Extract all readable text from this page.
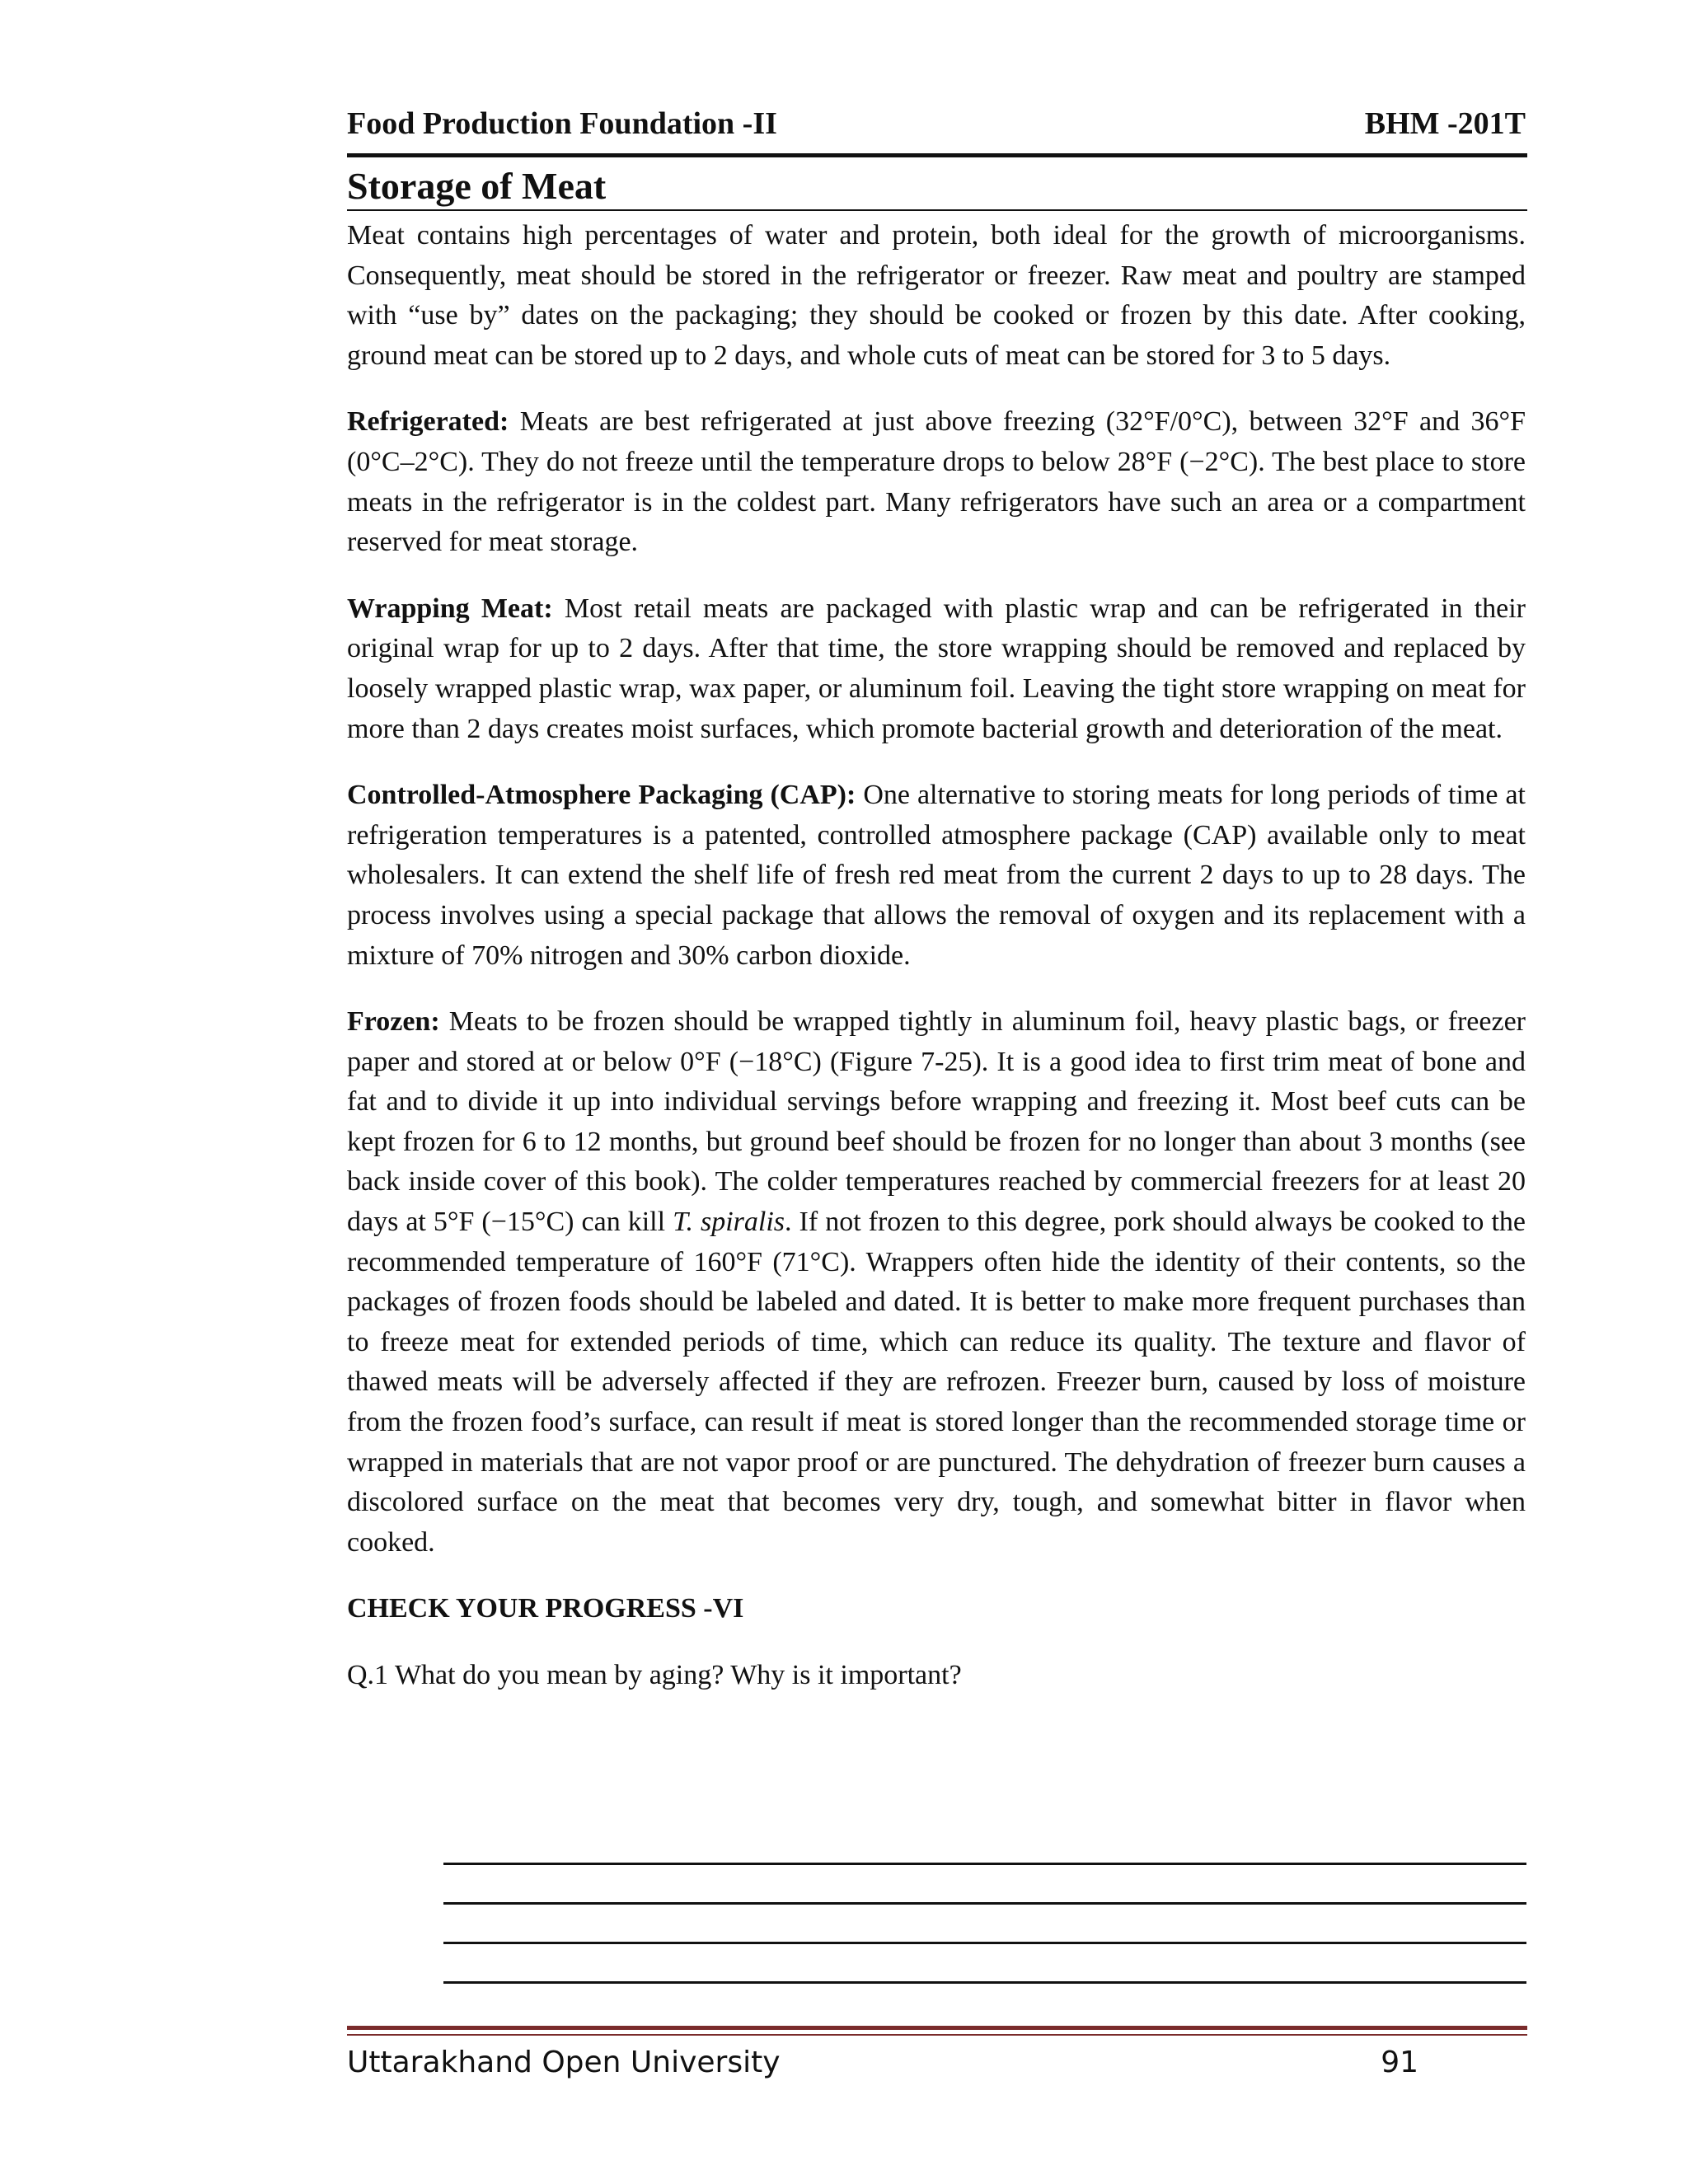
Food Production Foundation -II	BHM -201T
Storage of Meat

Meat contains high percentages of water and protein, both ideal for the growth of microorganisms. Consequently, meat should be stored in the refrigerator or freezer. Raw meat and poultry are stamped with “use by” dates on the packaging; they should be cooked or frozen by this date. After cooking, ground meat can be stored up to 2 days, and whole cuts of meat can be stored for 3 to 5 days.

Refrigerated: Meats are best refrigerated at just above freezing (32°F/0°C), between 32°F and 36°F (0°C–2°C). They do not freeze until the temperature drops to below 28°F (−2°C). The best place to store meats in the refrigerator is in the coldest part. Many refrigerators have such an area or a compartment reserved for meat storage.

Wrapping Meat: Most retail meats are packaged with plastic wrap and can be refrigerated in their original wrap for up to 2 days. After that time, the store wrapping should be removed and replaced by loosely wrapped plastic wrap, wax paper, or aluminum foil. Leaving the tight store wrapping on meat for more than 2 days creates moist surfaces, which promote bacterial growth and deterioration of the meat.

Controlled-Atmosphere Packaging (CAP): One alternative to storing meats for long periods of time at refrigeration temperatures is a patented, controlled atmosphere package (CAP) available only to meat wholesalers. It can extend the shelf life of fresh red meat from the current 2 days to up to 28 days. The process involves using a special package that allows the removal of oxygen and its replacement with a mixture of 70% nitrogen and 30% carbon dioxide.

Frozen: Meats to be frozen should be wrapped tightly in aluminum foil, heavy plastic bags, or freezer paper and stored at or below 0°F (−18°C) (Figure 7-25). It is a good idea to first trim meat of bone and fat and to divide it up into individual servings before wrapping and freezing it. Most beef cuts can be kept frozen for 6 to 12 months, but ground beef should be frozen for no longer than about 3 months (see back inside cover of this book). The colder temperatures reached by commercial freezers for at least 20 days at 5°F (−15°C) can kill T. spiralis. If not frozen to this degree, pork should always be cooked to the recommended temperature of 160°F (71°C). Wrappers often hide the identity of their contents, so the packages of frozen foods should be labeled and dated. It is better to make more frequent purchases than to freeze meat for extended periods of time, which can reduce its quality. The texture and flavor of thawed meats will be adversely affected if they are refrozen. Freezer burn, caused by loss of moisture from the frozen food’s surface, can result if meat is stored longer than the recommended storage time or wrapped in materials that are not vapor proof or are punctured. The dehydration of freezer burn causes a discolored surface on the meat that becomes very dry, tough, and somewhat bitter in flavor when cooked.

CHECK YOUR PROGRESS -VI

Q.1 What do you mean by aging? Why is it important?

Uttarakhand Open University	91
